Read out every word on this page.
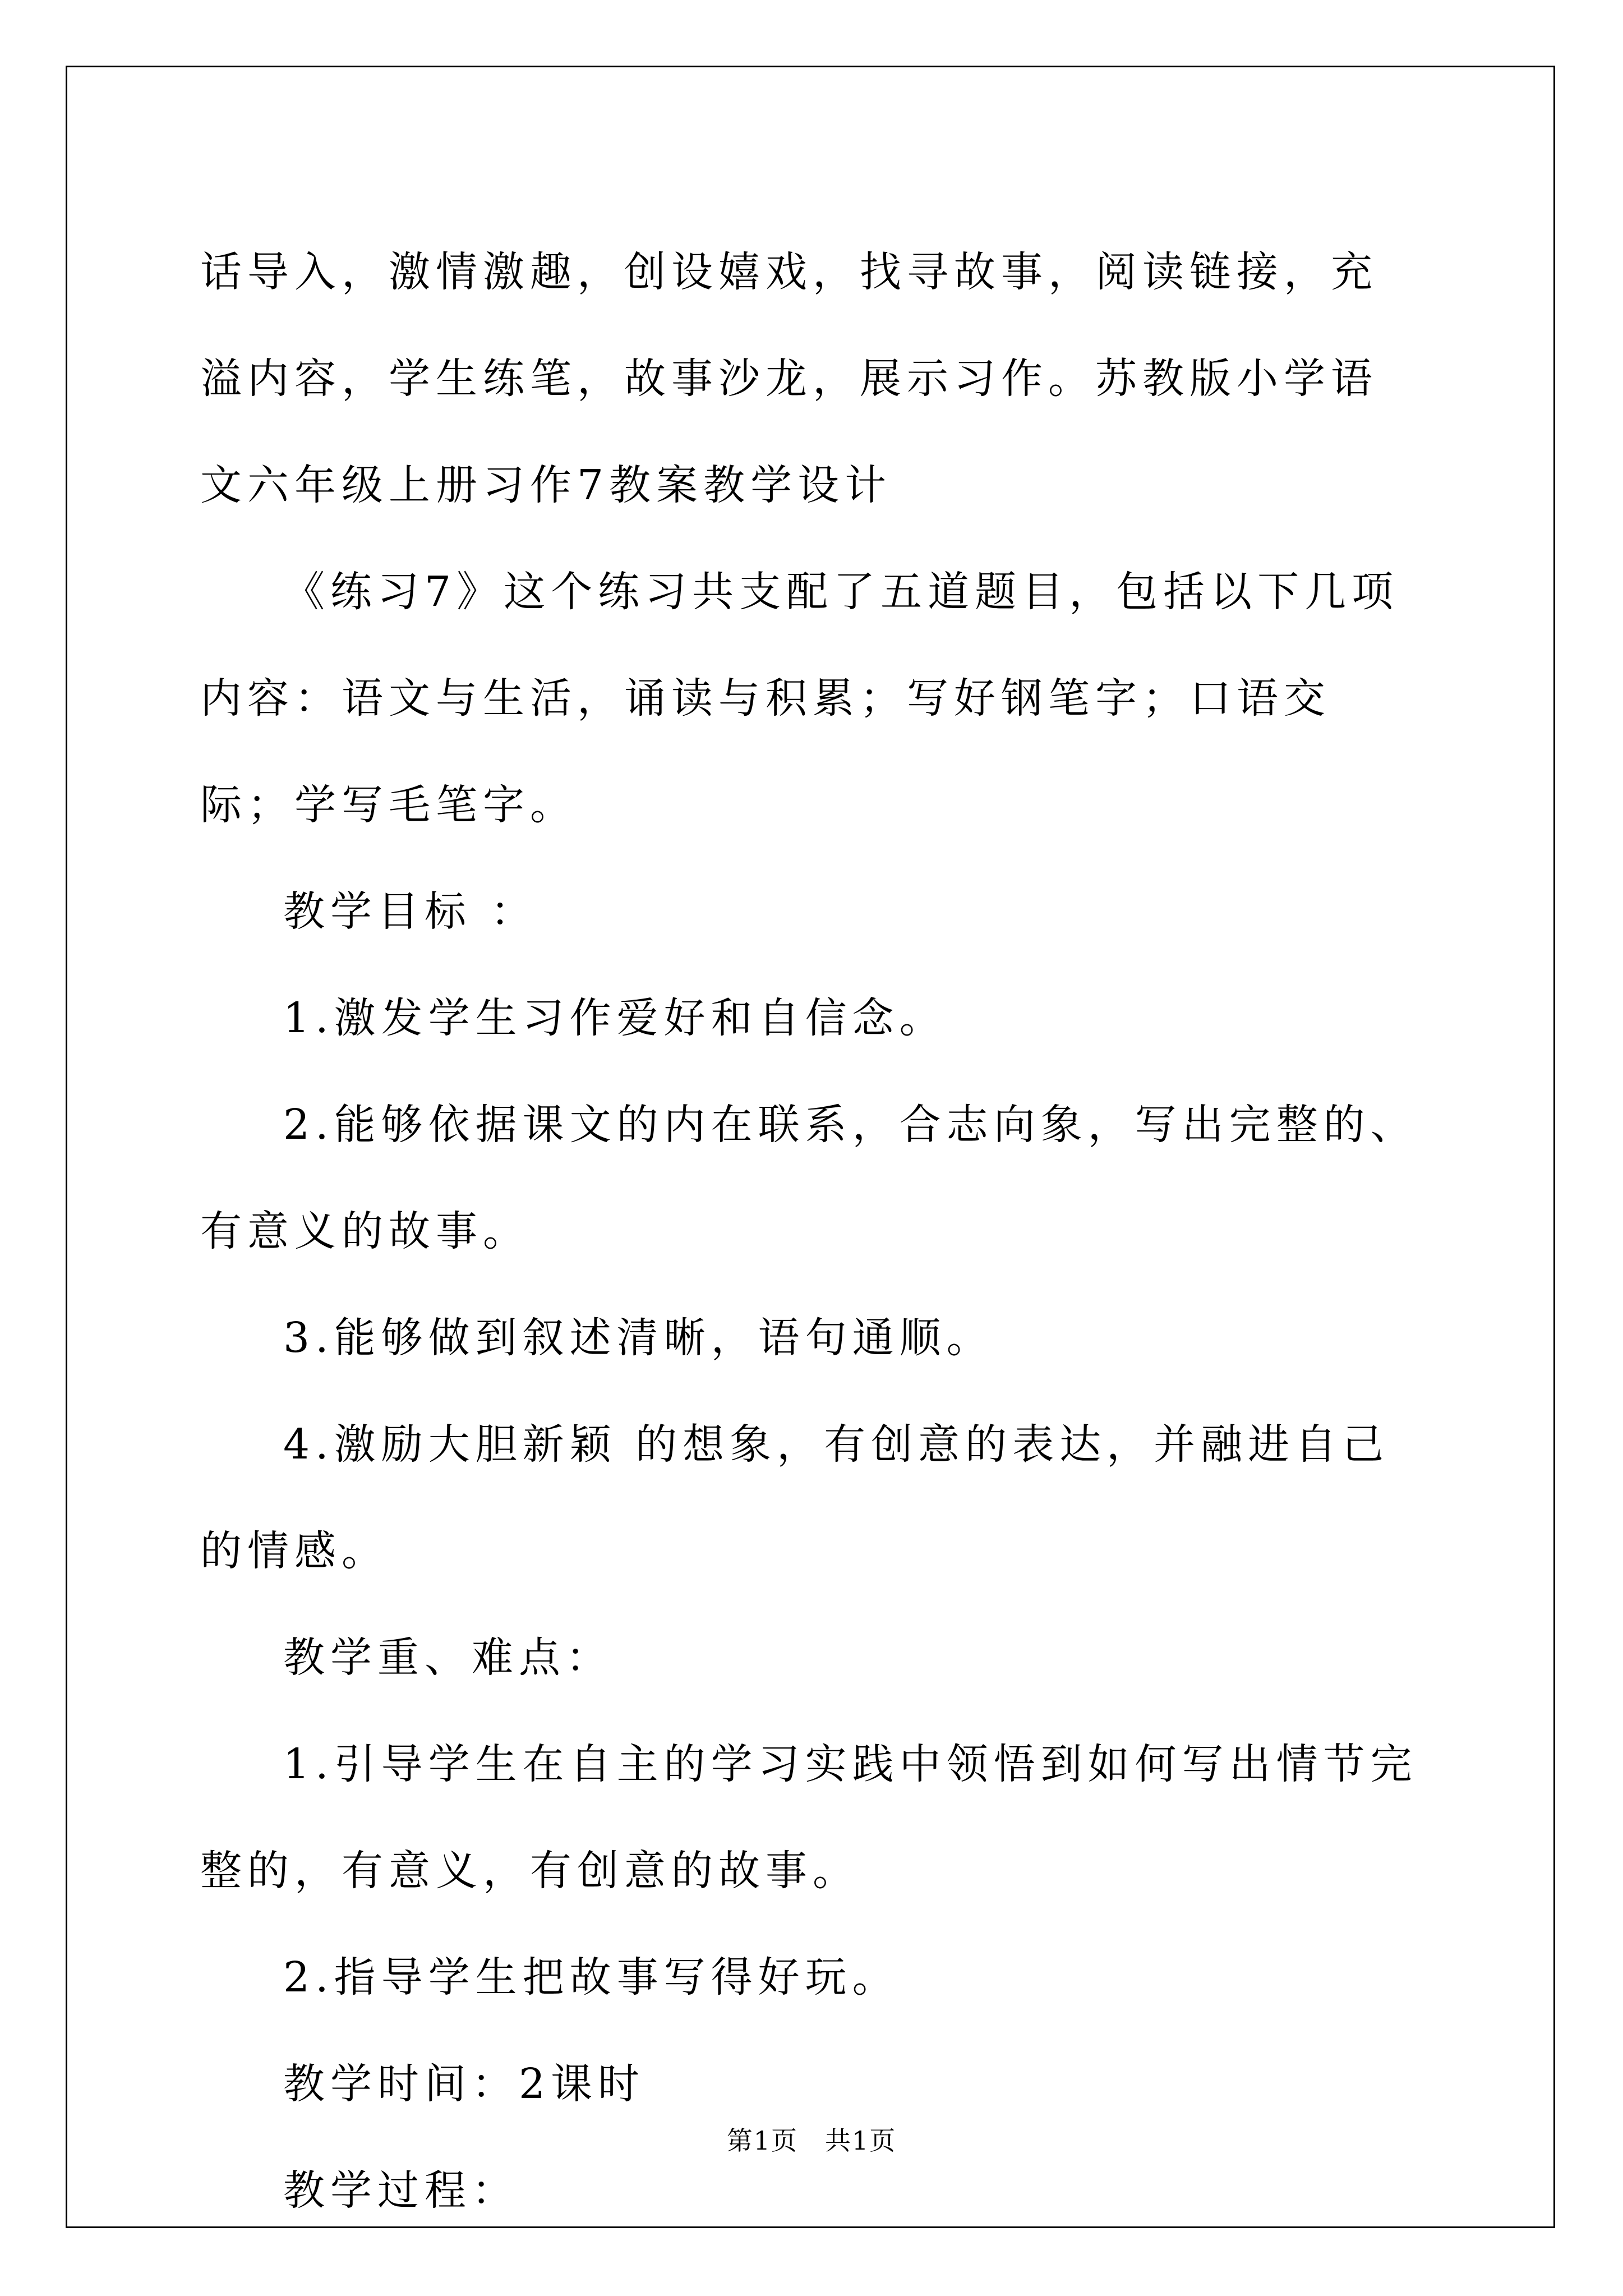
话导入，激情激趣，创设嬉戏，找寻故事，阅读链接，充溢内容，学生练笔，故事沙龙，展示习作。苏教版小学语文六年级上册习作7教案教学设计

《练习7》这个练习共支配了五道题目，包括以下几项内容：语文与生活，诵读与积累；写好钢笔字；口语交际；学写毛笔字。

教学目标 ：

1.激发学生习作爱好和自信念。

2.能够依据课文的内在联系，合志向象，写出完整的、有意义的故事。

3.能够做到叙述清晰，语句通顺。

4.激励大胆新颖 的想象，有创意的表达，并融进自己的情感。

教学重、难点：

1.引导学生在自主的学习实践中领悟到如何写出情节完整的，有意义，有创意的故事。

2.指导学生把故事写得好玩。

教学时间：2课时

教学过程：

第1页　共1页
